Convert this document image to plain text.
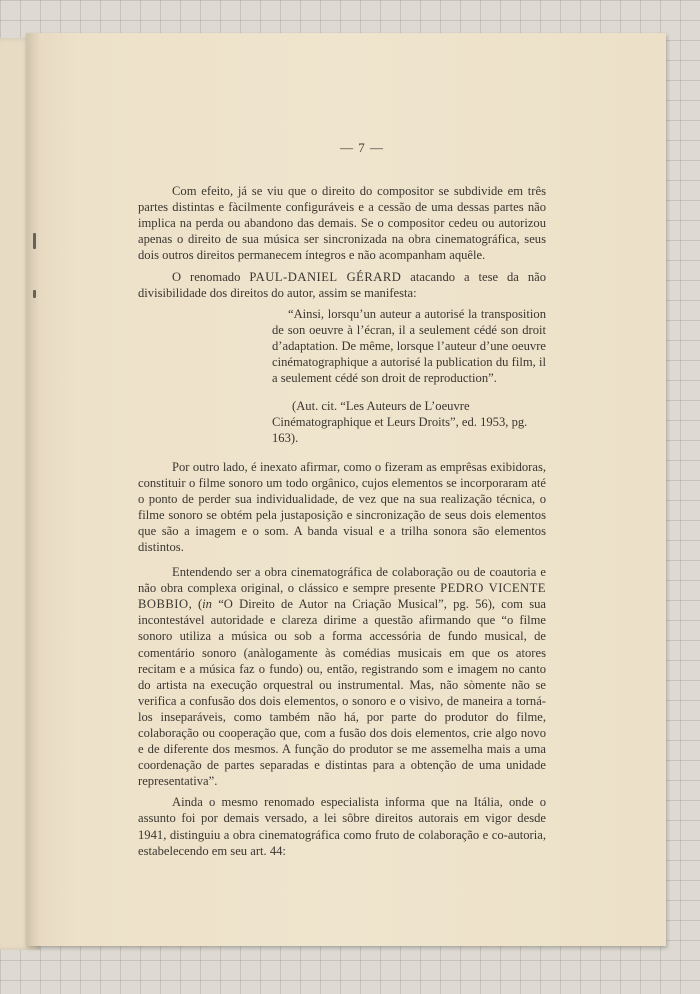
— 7 —

Com efeito, já se viu que o direito do compositor se subdivide em três partes distintas e fàcilmente configuráveis e a cessão de uma dessas partes não implica na perda ou abandono das demais. Se o compositor cedeu ou autorizou apenas o direito de sua música ser sincronizada na obra cinematográfica, seus dois outros direitos permanecem íntegros e não acompanham aquêle.

O renomado PAUL-DANIEL GÉRARD atacando a tese da não divisibilidade dos direitos do autor, assim se manifesta:

“Ainsi, lorsqu’un auteur a autorisé la transposition de son oeuvre à l’écran, il a seulement cédé son droit d’adaptation. De même, lorsque l’auteur d’une oeuvre cinématographique a autorisé la publication du film, il a seulement cédé son droit de reproduction”.
(Aut. cit. “Les Auteurs de L’oeuvre Cinématographique et Leurs Droits”, ed. 1953, pg. 163).

Por outro lado, é inexato afirmar, como o fizeram as emprêsas exibidoras, constituir o filme sonoro um todo orgânico, cujos elementos se incorporaram até o ponto de perder sua individualidade, de vez que na sua realização técnica, o filme sonoro se obtém pela justaposição e sincronização de seus dois elementos que são a imagem e o som. A banda visual e a trilha sonora são elementos distintos.

Entendendo ser a obra cinematográfica de colaboração ou de coautoria e não obra complexa original, o clássico e sempre presente PEDRO VICENTE BOBBIO, (in “O Direito de Autor na Criação Musical”, pg. 56), com sua incontestável autoridade e clareza dirime a questão afirmando que “o filme sonoro utiliza a música ou sob a forma accessória de fundo musical, de comentário sonoro (anàlogamente às comédias musicais em que os atores recitam e a música faz o fundo) ou, então, registrando som e imagem no canto do artista na execução orquestral ou instrumental. Mas, não sòmente não se verifica a confusão dos dois elementos, o sonoro e o visivo, de maneira a torná-los inseparáveis, como também não há, por parte do produtor do filme, colaboração ou cooperação que, com a fusão dos dois elementos, crie algo novo e de diferente dos mesmos. A função do produtor se me assemelha mais a uma coordenação de partes separadas e distintas para a obtenção de uma unidade representativa”.

Ainda o mesmo renomado especialista informa que na Itália, onde o assunto foi por demais versado, a lei sôbre direitos autorais em vigor desde 1941, distinguiu a obra cinematográfica como fruto de colaboração e co-autoria, estabelecendo em seu art. 44:
